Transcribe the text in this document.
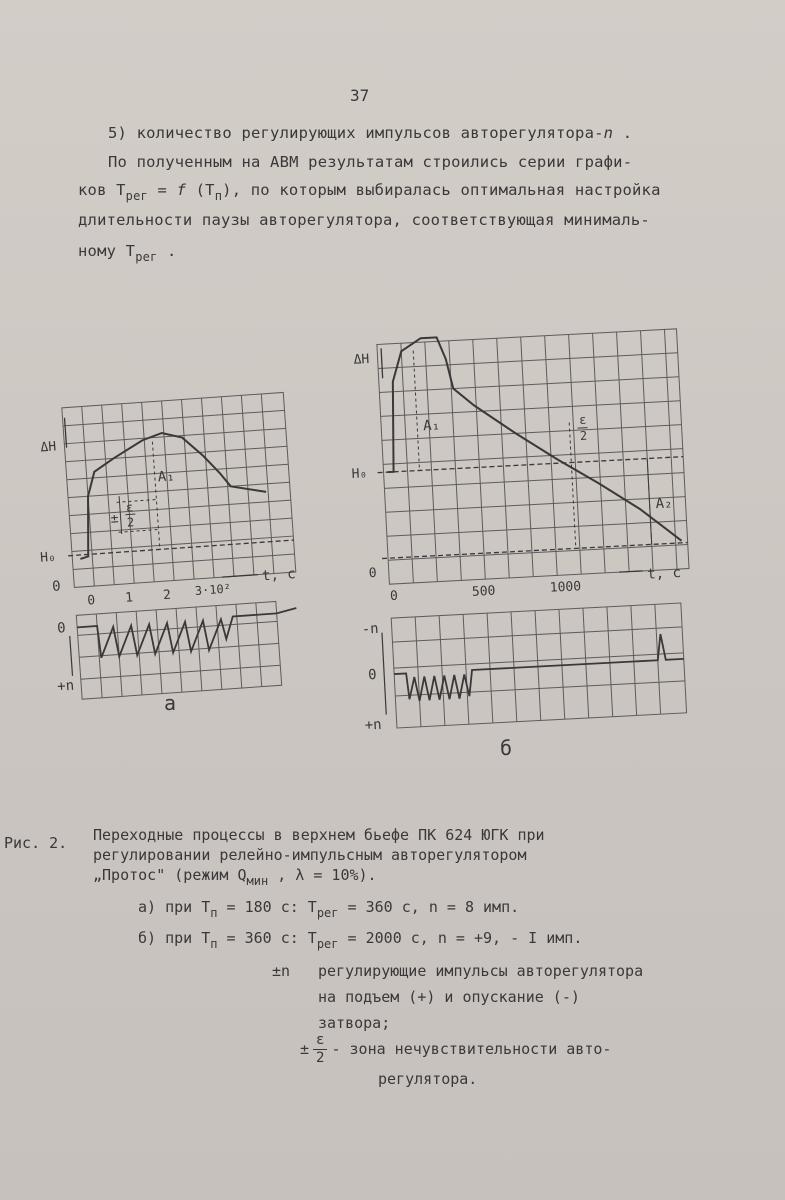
37
5) количество регулирующих импульсов авторегулятора-n .
По полученным на АВМ результатам строились серии графи-
ков $T_{рег} = f$ $(T_п)$, по которым выбиралась оптимальная настройка
длительности паузы авторегулятора, соответствующая минималь-
ному $T_{рег}$ .
ΔH
H₀
0
A₁
±
ε
2
0 1 2 3·10²
t, с
0
+n
а
ΔH
H₀
0
A₁
A₂
ε
2
0	500	1000
t, с
-n
0
+n
б
Рис. 2. Переходные процессы в верхнем бьефе ПК 624 ЮГК при
регулировании релейно-импульсным авторегулятором
„Протос" (режим $Q_{мин}$ , λ = 10%).
а) при $T_п = 180$ с: $T_{рег} = 360$ с, n = 8 имп.
б) при $T_п = 360$ с: $T_{рег} = 2000$ с, n = +9, - I имп.
±n регулирующие импульсы авторегулятора
на подъем (+) и опускание (-)
затвора;
± $\frac{\varepsilon}{2}$ - зона нечувствительности авто-
регулятора.
